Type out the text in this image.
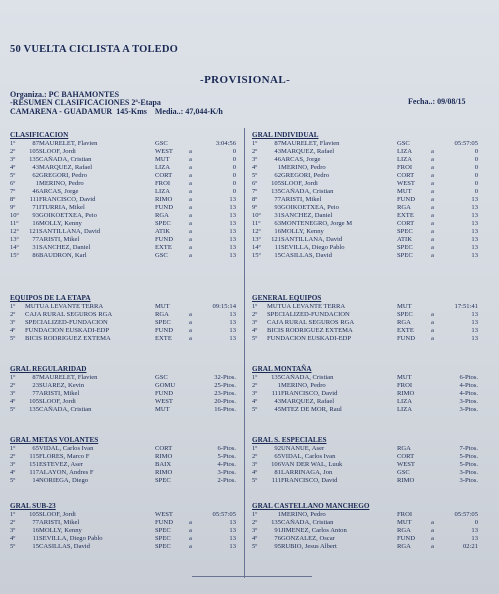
50 VUELTA CICLISTA A TOLEDO
-PROVISIONAL-
Organiza.: PC BAHAMONTES
-RESUMEN CLASIFICACIONES 2ª-Etapa
CAMARENA - GUADAMUR  145-Kms    Media..: 47,044-K/h
Fecha..: 09/08/15
CLASIFICACION
1º	87	MAURELET, Flavien	GSC		3:04:56
2º	105	SLOOF, Jordi	WEST	a	0
3º	135	CAÑADA, Cristian	MUT	a	0
4º	43	MARQUEZ, Rafael	LIZA	a	0
5º	62	GREGORI, Pedro	CORT	a	0
6º	1	MERINO, Pedro	FROI	a	0
7º	46	ARCAS, Jorge	LIZA	a	0
8º	111	FRANCISCO, David	RIMO	a	13
9º	71	ITURRIA, Mikel	FUND	a	13
10º	93	GOIKOETXEA, Peio	RGA	a	13
11º	16	MOLLY, Kenny	SPEC	a	13
12º	121	SANTILLANA, David	ATIK	a	13
13º	77	ARISTI, Mikel	FUND	a	13
14º	31	SANCHEZ, Daniel	EXTE	a	13
15º	86	BAUDRON, Karl	GSC	a	13
EQUIPOS DE LA ETAPA
1º	MUTUA LEVANTE TERRA	MUT		09:15:14
2º	CAJA RURAL SEGUROS RGA	RGA	a	13
3º	SPECIALIZED-FUNDACION	SPEC	a	13
4º	FUNDACION EUSKADI-EDP	FUND	a	13
5º	BICIS RODRIGUEZ EXTEMA	EXTE	a	13
GRAL REGULARIDAD
1º	87	MAURELET, Flavien	GSC	32-Ptos.
2º	23	SUAREZ, Kevin	GOMU	25-Ptos.
3º	77	ARISTI, Mikel	FUND	23-Ptos.
4º	105	SLOOF, Jordi	WEST	20-Ptos.
5º	135	CAÑADA, Cristian	MUT	16-Ptos.
GRAL METAS VOLANTES
1º	65	VIDAL, Carlos Ivan	CORT	6-Ptos.
2º	115	FLORES, Marco F	RIMO	5-Ptos.
3º	151	ESTEVEZ, Aser	BAIX	4-Ptos.
4º	117	ALAYON, Andres F	RIMO	3-Ptos.
5º	14	NORIEGA, Diego	SPEC	2-Ptos.
GRAL SUB-23
1º	105	SLOOF, Jordi	WEST		05:57:05
2º	77	ARISTI, Mikel	FUND	a	13
3º	16	MOLLY, Kenny	SPEC	a	13
4º	11	SEVILLA, Diego Pablo	SPEC	a	13
5º	15	CASILLAS, David	SPEC	a	13
GRAL INDIVIDUAL
1º	87	MAURELET, Flavien	GSC		05:57:05
2º	43	MARQUEZ, Rafael	LIZA	a	0
3º	46	ARCAS, Jorge	LIZA	a	0
4º	1	MERINO, Pedro	FROI	a	0
5º	62	GREGORI, Pedro	CORT	a	0
6º	105	SLOOF, Jordi	WEST	a	0
7º	135	CAÑADA, Cristian	MUT	a	0
8º	77	ARISTI, Mikel	FUND	a	13
9º	93	GOIKOETXEA, Peio	RGA	a	13
10º	31	SANCHEZ, Daniel	EXTE	a	13
11º	63	MONTENEGRO, Jorge M	CORT	a	13
12º	16	MOLLY, Kenny	SPEC	a	13
13º	121	SANTILLANA, David	ATIK	a	13
14º	11	SEVILLA, Diego Pablo	SPEC	a	13
15º	15	CASILLAS, David	SPEC	a	13
GENERAL EQUIPOS
1º	MUTUA LEVANTE TERRA	MUT		17:51:41
2º	SPECIALIZED-FUNDACION	SPEC	a	13
3º	CAJA RURAL SEGUROS RGA	RGA	a	13
4º	BICIS RODRIGUEZ EXTEMA	EXTE	a	13
5º	FUNDACION EUSKADI-EDP	FUND	a	13
GRAL MONTAÑA
1º	135	CAÑADA, Cristian	MUT	6-Ptos.
2º	1	MERINO, Pedro	FROI	4-Ptos.
3º	111	FRANCISCO, David	RIMO	4-Ptos.
4º	43	MARQUEZ, Rafael	LIZA	3-Ptos.
5º	45	MTEZ DE MOR, Raul	LIZA	3-Ptos.
GRAL S. ESPECIALES
1º	92	UNANUE, Aser	RGA	7-Ptos.
2º	65	VIDAL, Carlos Ivan	CORT	5-Ptos.
3º	106	VAN DER WAL, Luuk	WEST	5-Ptos.
4º	81	LARRINAGA, Jon	GSC	3-Ptos.
5º	111	FRANCISCO, David	RIMO	3-Ptos.
GRAL CASTELLANO MANCHEGO
1º	1	MERINO, Pedro	FROI		05:57:05
2º	135	CAÑADA, Cristian	MUT	a	0
3º	91	JIMENEZ, Carlos Anton	RGA	a	13
4º	76	GONZALEZ, Oscar	FUND	a	13
5º	95	RUBIO, Jesus Albert	RGA	a	02:21
